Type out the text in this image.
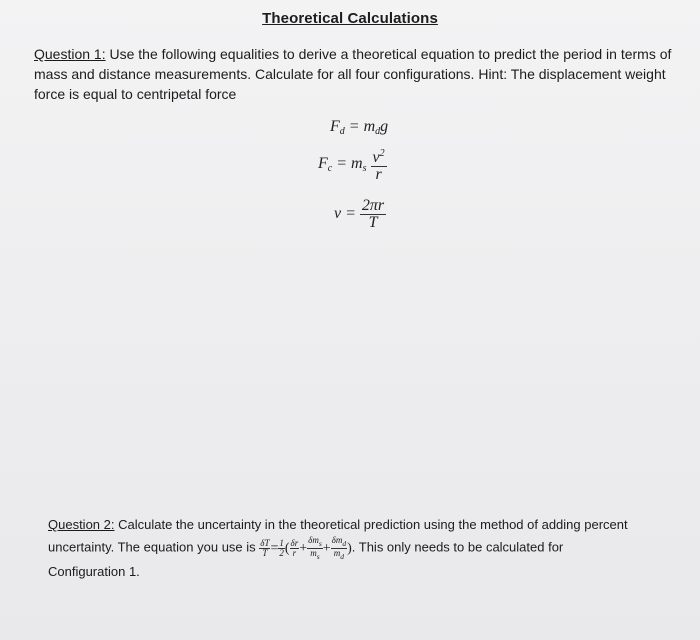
Theoretical Calculations
Question 1: Use the following equalities to derive a theoretical equation to predict the period in terms of mass and distance measurements. Calculate for all four configurations. Hint: The displacement weight force is equal to centripetal force
$F_d = m_dg$
$F_c = m_s \frac{v^2}{r}$
$v = \frac{2\pi r}{T}$
Question 2: Calculate the uncertainty in the theoretical prediction using the method of adding percent
uncertainty. The equation you use is $\frac{\delta T}{T} = \frac{1}{2}$ ( $\frac{\delta r}{r} + \frac{\delta m_s}{m_s} + \frac{\delta m_d}{m_d}$ ). This only needs to be calculated for
Configuration 1.
